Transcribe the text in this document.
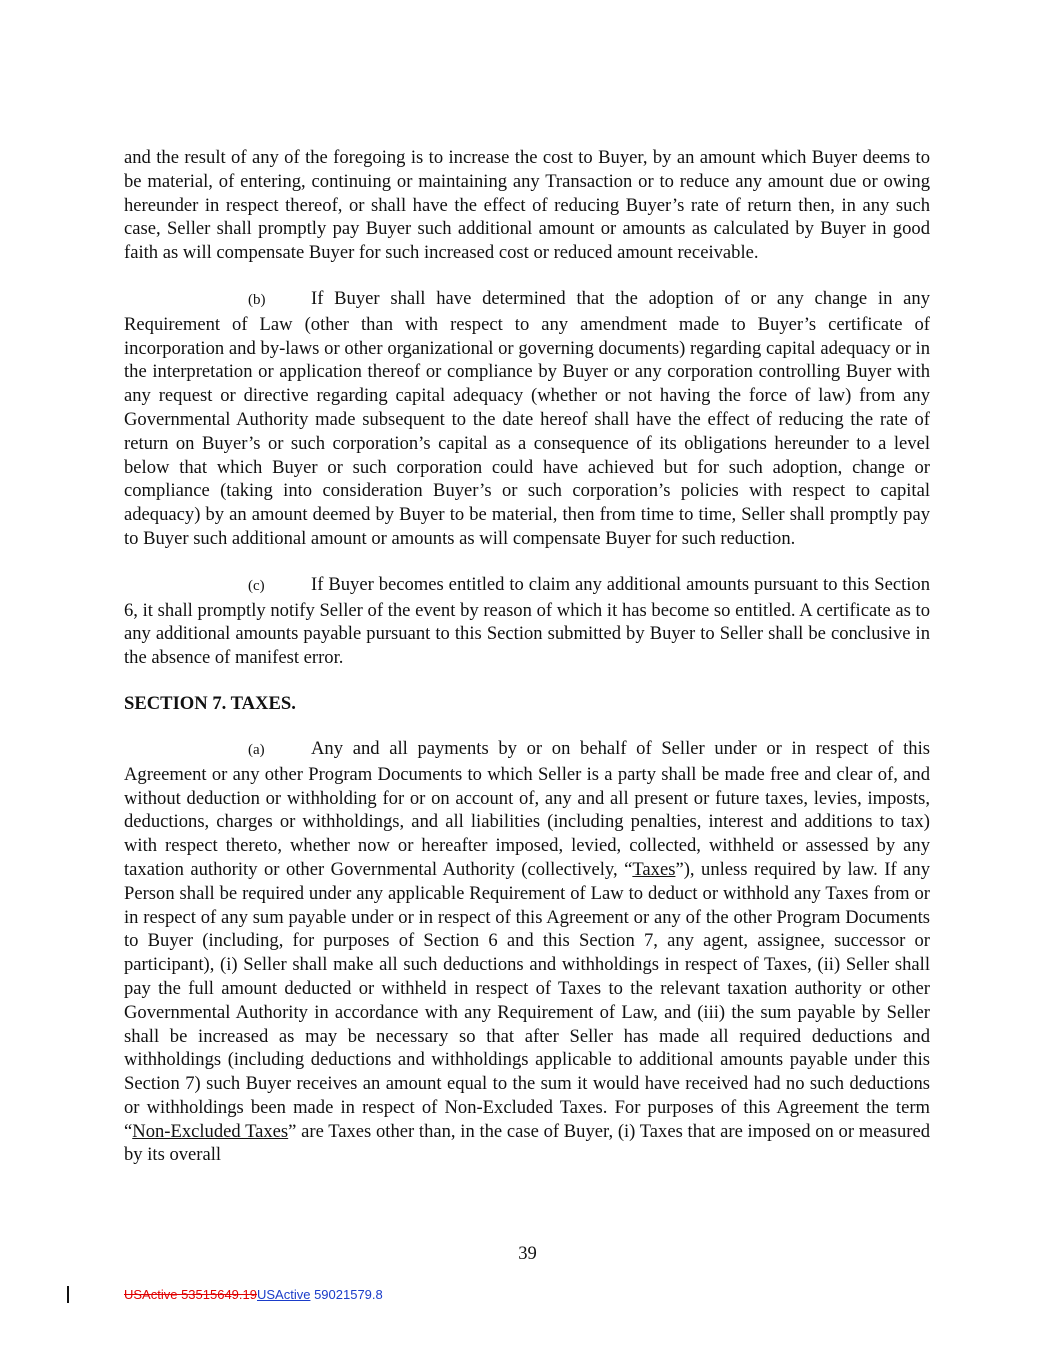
and the result of any of the foregoing is to increase the cost to Buyer, by an amount which Buyer deems to be material, of entering, continuing or maintaining any Transaction or to reduce any amount due or owing hereunder in respect thereof, or shall have the effect of reducing Buyer’s rate of return then, in any such case, Seller shall promptly pay Buyer such additional amount or amounts as calculated by Buyer in good faith as will compensate Buyer for such increased cost or reduced amount receivable.

(b) If Buyer shall have determined that the adoption of or any change in any Requirement of Law (other than with respect to any amendment made to Buyer’s certificate of incorporation and by-laws or other organizational or governing documents) regarding capital adequacy or in the interpretation or application thereof or compliance by Buyer or any corporation controlling Buyer with any request or directive regarding capital adequacy (whether or not having the force of law) from any Governmental Authority made subsequent to the date hereof shall have the effect of reducing the rate of return on Buyer’s or such corporation’s capital as a consequence of its obligations hereunder to a level below that which Buyer or such corporation could have achieved but for such adoption, change or compliance (taking into consideration Buyer’s or such corporation’s policies with respect to capital adequacy) by an amount deemed by Buyer to be material, then from time to time, Seller shall promptly pay to Buyer such additional amount or amounts as will compensate Buyer for such reduction.

(c) If Buyer becomes entitled to claim any additional amounts pursuant to this Section 6, it shall promptly notify Seller of the event by reason of which it has become so entitled. A certificate as to any additional amounts payable pursuant to this Section submitted by Buyer to Seller shall be conclusive in the absence of manifest error.

SECTION 7. TAXES.

(a) Any and all payments by or on behalf of Seller under or in respect of this Agreement or any other Program Documents to which Seller is a party shall be made free and clear of, and without deduction or withholding for or on account of, any and all present or future taxes, levies, imposts, deductions, charges or withholdings, and all liabilities (including penalties, interest and additions to tax) with respect thereto, whether now or hereafter imposed, levied, collected, withheld or assessed by any taxation authority or other Governmental Authority (collectively, “Taxes”), unless required by law. If any Person shall be required under any applicable Requirement of Law to deduct or withhold any Taxes from or in respect of any sum payable under or in respect of this Agreement or any of the other Program Documents to Buyer (including, for purposes of Section 6 and this Section 7, any agent, assignee, successor or participant), (i) Seller shall make all such deductions and withholdings in respect of Taxes, (ii) Seller shall pay the full amount deducted or withheld in respect of Taxes to the relevant taxation authority or other Governmental Authority in accordance with any Requirement of Law, and (iii) the sum payable by Seller shall be increased as may be necessary so that after Seller has made all required deductions and withholdings (including deductions and withholdings applicable to additional amounts payable under this Section 7) such Buyer receives an amount equal to the sum it would have received had no such deductions or withholdings been made in respect of Non-Excluded Taxes. For purposes of this Agreement the term “Non-Excluded Taxes” are Taxes other than, in the case of Buyer, (i) Taxes that are imposed on or measured by its overall

39
USActive 53515649.19USActive 59021579.8
